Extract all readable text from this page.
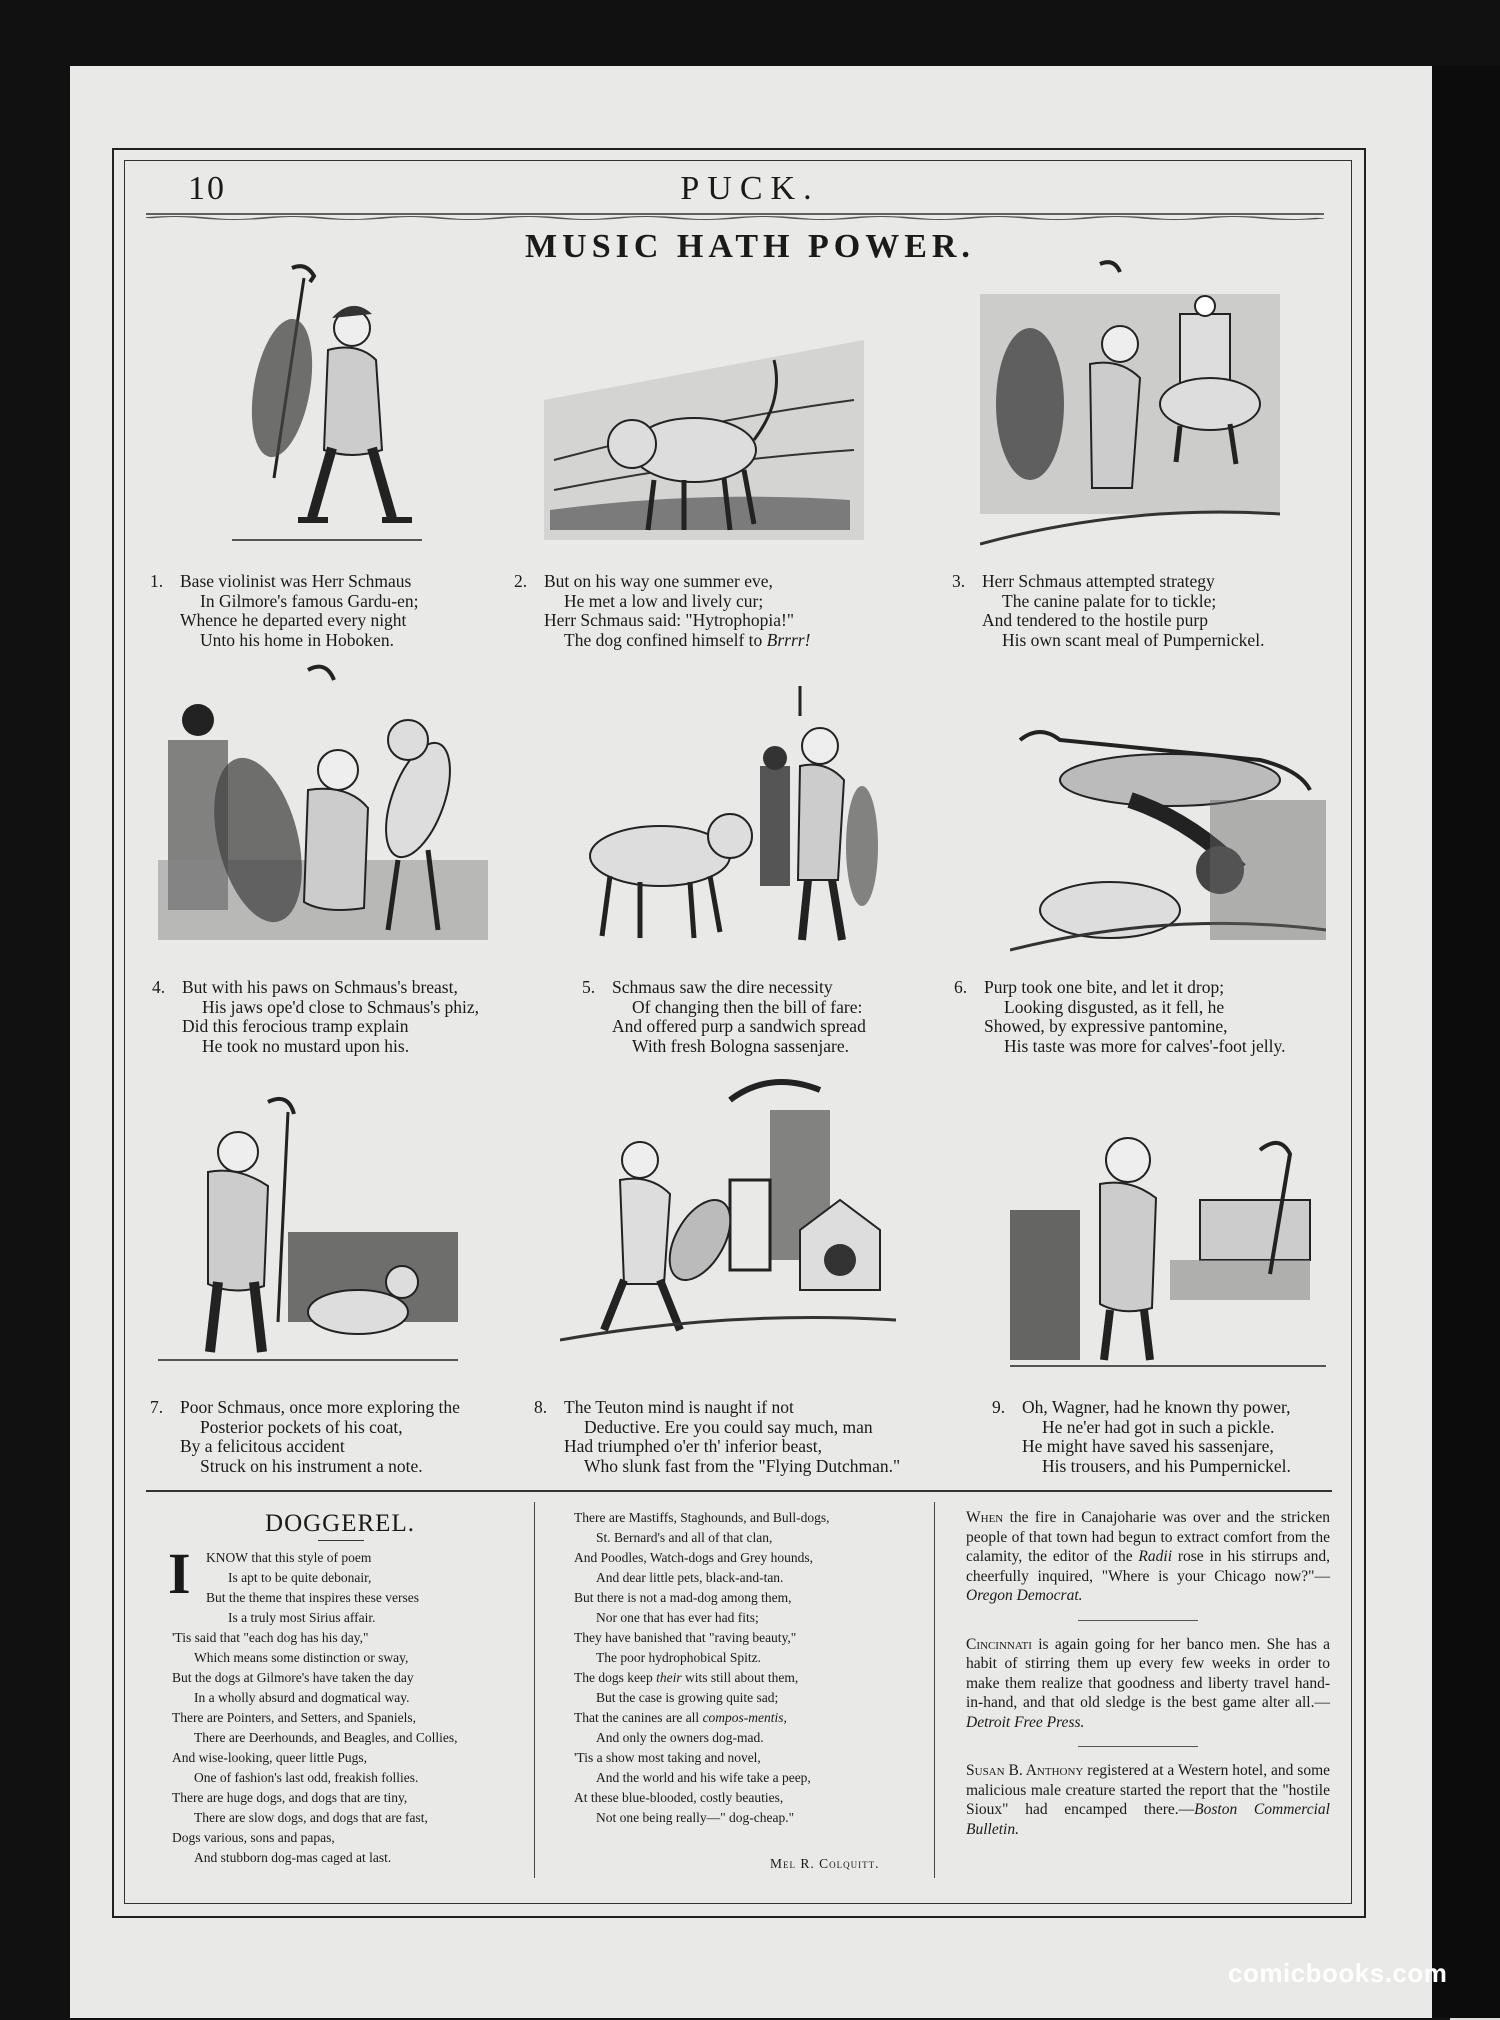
10	PUCK.
MUSIC HATH POWER.
1. Base violinist was Herr Schmaus
In Gilmore's famous Gardu-en;
Whence he departed every night
Unto his home in Hoboken.
2. But on his way one summer eve,
He met a low and lively cur;
Herr Schmaus said: "Hytrophopia!"
The dog confined himself to Brrrr!
3. Herr Schmaus attempted strategy
The canine palate for to tickle;
And tendered to the hostile purp
His own scant meal of Pumpernickel.
4. But with his paws on Schmaus's breast,
His jaws ope'd close to Schmaus's phiz,
Did this ferocious tramp explain
He took no mustard upon his.
5. Schmaus saw the dire necessity
Of changing then the bill of fare:
And offered purp a sandwich spread
With fresh Bologna sassenjare.
6. Purp took one bite, and let it drop;
Looking disgusted, as it fell, he
Showed, by expressive pantomine,
His taste was more for calves'-foot jelly.
7. Poor Schmaus, once more exploring the
Posterior pockets of his coat,
By a felicitous accident
Struck on his instrument a note.
8. The Teuton mind is naught if not
Deductive. Ere you could say much, man
Had triumphed o'er th' inferior beast,
Who slunk fast from the "Flying Dutchman."
9. Oh, Wagner, had he known thy power,
He ne'er had got in such a pickle.
He might have saved his sassenjare,
His trousers, and his Pumpernickel.
DOGGEREL.
I KNOW that this style of poem
Is apt to be quite debonair,
But the theme that inspires these verses
Is a truly most Sirius affair.
'Tis said that "each dog has his day,"
Which means some distinction or sway,
But the dogs at Gilmore's have taken the day
In a wholly absurd and dogmatical way.
There are Pointers, and Setters, and Spaniels,
There are Deerhounds, and Beagles, and Collies,
And wise-looking, queer little Pugs,
One of fashion's last odd, freakish follies.
There are huge dogs, and dogs that are tiny,
There are slow dogs, and dogs that are fast,
Dogs various, sons and papas,
And stubborn dog-mas caged at last.
There are Mastiffs, Staghounds, and Bull-dogs,
St. Bernard's and all of that clan,
And Poodles, Watch-dogs and Grey hounds,
And dear little pets, black-and-tan.
But there is not a mad-dog among them,
Nor one that has ever had fits;
They have banished that "raving beauty,"
The poor hydrophobical Spitz.
The dogs keep their wits still about them,
But the case is growing quite sad;
That the canines are all compos-mentis,
And only the owners dog-mad.
'Tis a show most taking and novel,
And the world and his wife take a peep,
At these blue-blooded, costly beauties,
Not one being really—" dog-cheap."
Mel R. Colquitt.

When the fire in Canajoharie was over and the stricken people of that town had begun to extract comfort from the calamity, the editor of the Radii rose in his stirrups and, cheerfully inquired, "Where is your Chicago now?"—Oregon Democrat.

Cincinnati is again going for her banco men. She has a habit of stirring them up every few weeks in order to make them realize that goodness and liberty travel hand-in-hand, and that old sledge is the best game alter all.—Detroit Free Press.

Susan B. Anthony registered at a Western hotel, and some malicious male creature started the report that the "hostile Sioux" had encamped there.—Boston Commercial Bulletin.

comicbooks.com
